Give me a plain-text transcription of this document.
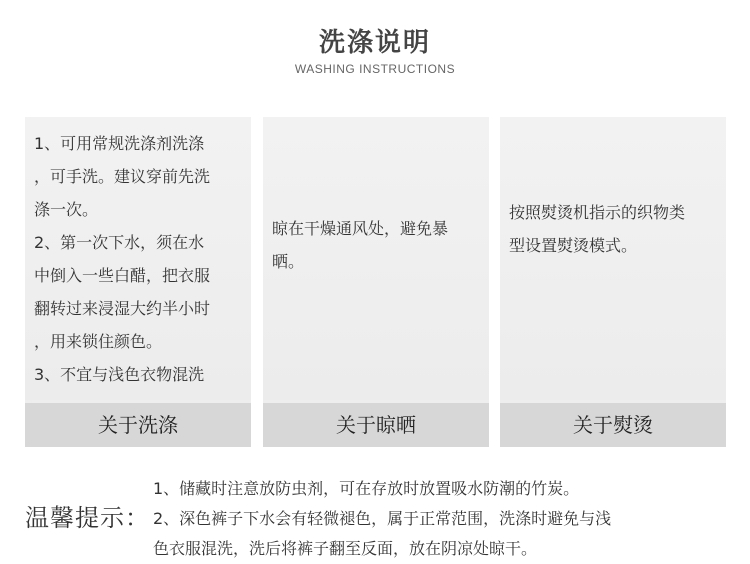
洗涤说明
WASHING INSTRUCTIONS

1、可用常规洗涤剂洗涤
，可手洗。建议穿前先洗
涤一次。
2、第一次下水，须在水
中倒入一些白醋，把衣服
翻转过来浸湿大约半小时
，用来锁住颜色。
3、不宜与浅色衣物混洗

关于洗涤

晾在干燥通风处，避免暴
晒。

关于晾晒

按照熨烫机指示的织物类
型设置熨烫模式。

关于熨烫
温馨提示：

1、储藏时注意放防虫剂，可在存放时放置吸水防潮的竹炭。

2、深色裤子下水会有轻微褪色，属于正常范围，洗涤时避免与浅

色衣服混洗，洗后将裤子翻至反面，放在阴凉处晾干。
